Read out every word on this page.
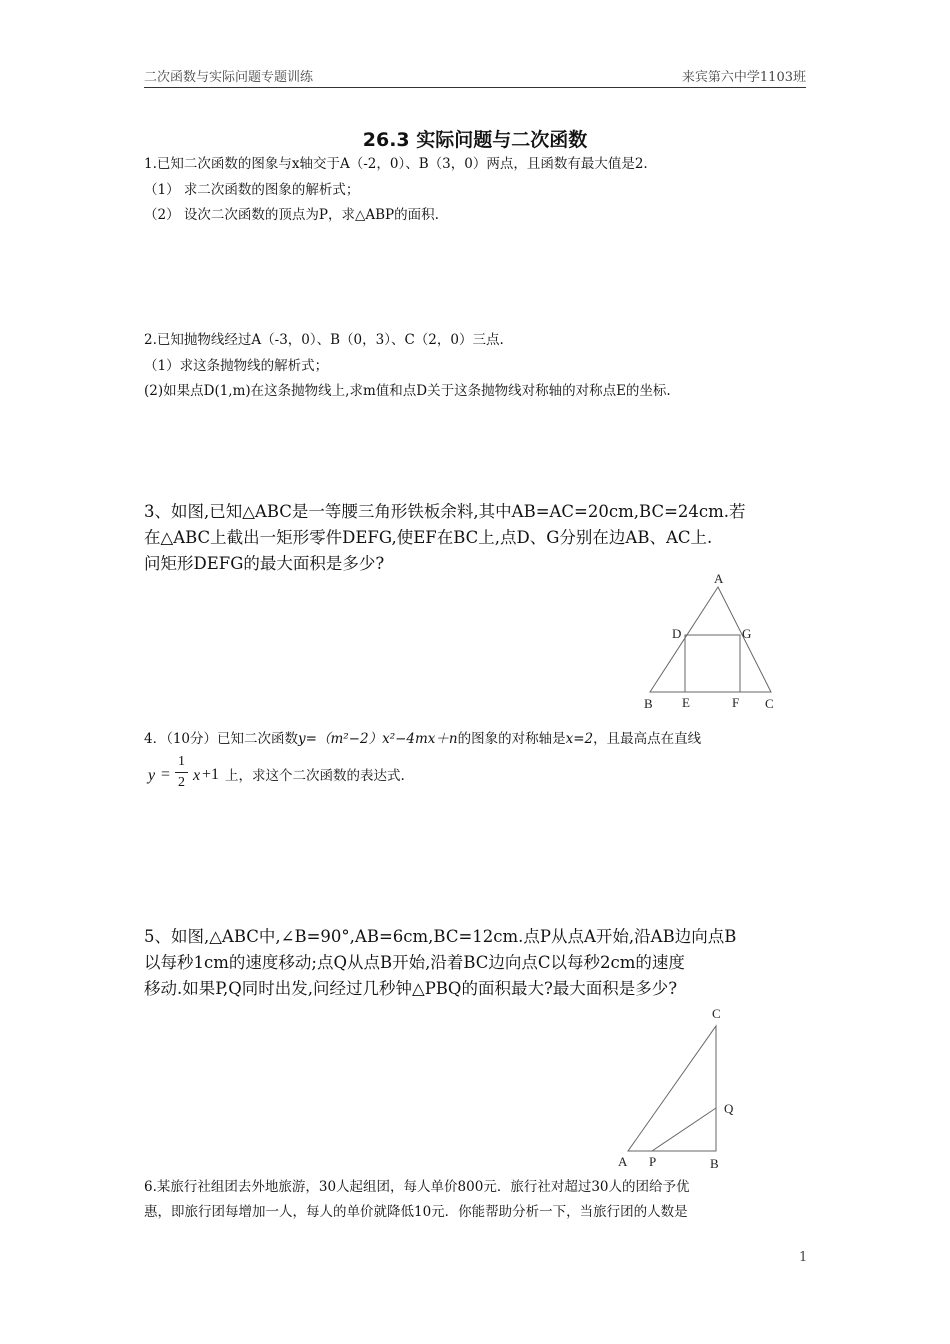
二次函数与实际问题专题训练	来宾第六中学1103班
26.3 实际问题与二次函数
1.已知二次函数的图象与x轴交于A（-2，0）、B（3，0）两点，且函数有最大值是2.
（1） 求二次函数的图象的解析式；
（2） 设次二次函数的顶点为P，求△ABP的面积.
2.已知抛物线经过A（-3，0）、B（0，3）、C（2，0）三点.
（1）求这条抛物线的解析式；
(2)如果点D(1,m)在这条抛物线上,求m值和点D关于这条抛物线对称轴的对称点E的坐标.
3、如图,已知△ABC是一等腰三角形铁板余料,其中AB=AC=20cm,BC=24cm.若
在△ABC上截出一矩形零件DEFG,使EF在BC上,点D、G分别在边AB、AC上.
问矩形DEFG的最大面积是多少?
A
B	C
D	G
E	F
4．（10分）已知二次函数y=（m²−2）x²−4mx＋n的图象的对称轴是x=2，且最高点在直线
y =
1
2 x +1 上，求这个二次函数的表达式.
5、如图,△ABC中,∠B=90°,AB=6cm,BC=12cm.点P从点A开始,沿AB边向点B
以每秒1cm的速度移动;点Q从点B开始,沿着BC边向点C以每秒2cm的速度
移动.如果P,Q同时出发,问经过几秒钟△PBQ的面积最大?最大面积是多少?
C
Q
A P	B
6.某旅行社组团去外地旅游，30人起组团，每人单价800元．旅行社对超过30人的团给予优
惠，即旅行团每增加一人，每人的单价就降低10元．你能帮助分析一下，当旅行团的人数是
1
